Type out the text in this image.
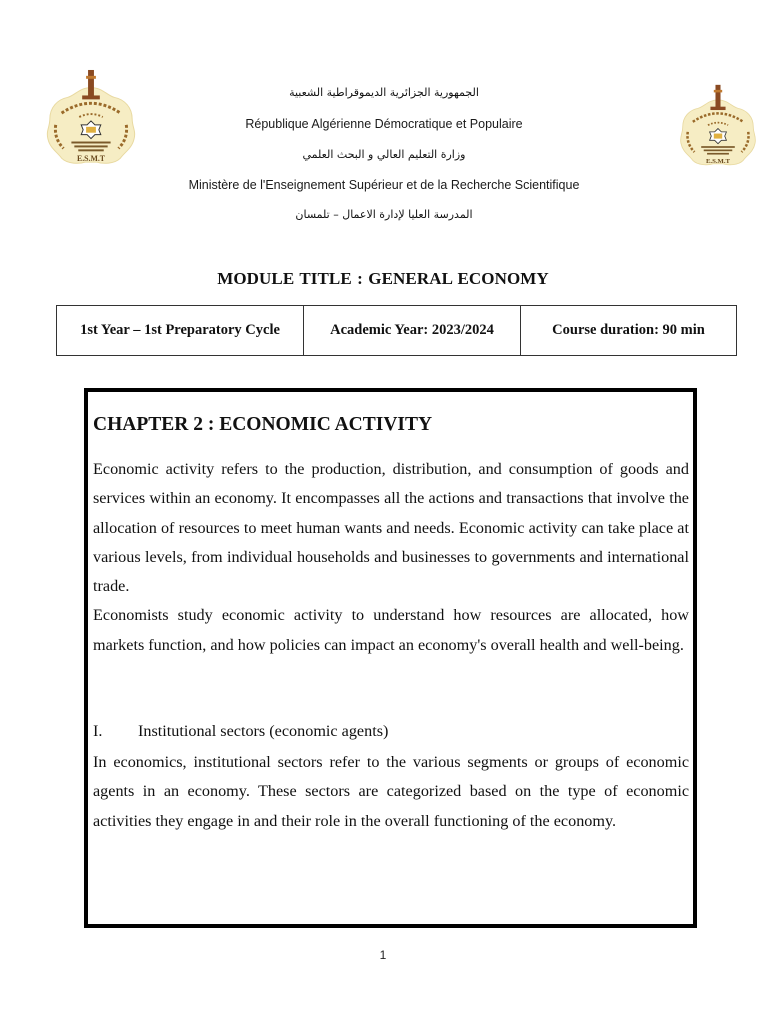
E.S.M.T	E.S.M.T
الجمهورية الجزائرية الديموقراطية الشعبية
République Algérienne Démocratique et Populaire
وزارة التعليم العالي و البحث العلمي
Ministère de l'Enseignement Supérieur et de la Recherche Scientifique
المدرسة العليا لإدارة الاعمال – تلمسان
MODULE TITLE : GENERAL ECONOMY
1st Year – 1st Preparatory Cycle	Academic Year: 2023/2024	Course duration: 90 min
CHAPTER 2 : ECONOMIC ACTIVITY

Economic activity refers to the production, distribution, and consumption of goods and services within an economy. It encompasses all the actions and transactions that involve the allocation of resources to meet human wants and needs. Economic activity can take place at various levels, from individual households and businesses to governments and international trade.

Economists study economic activity to understand how resources are allocated, how markets function, and how policies can impact an economy's overall health and well-being.

I. Institutional sectors (economic agents)

In economics, institutional sectors refer to the various segments or groups of economic agents in an economy. These sectors are categorized based on the type of economic activities they engage in and their role in the overall functioning of the economy.

1
